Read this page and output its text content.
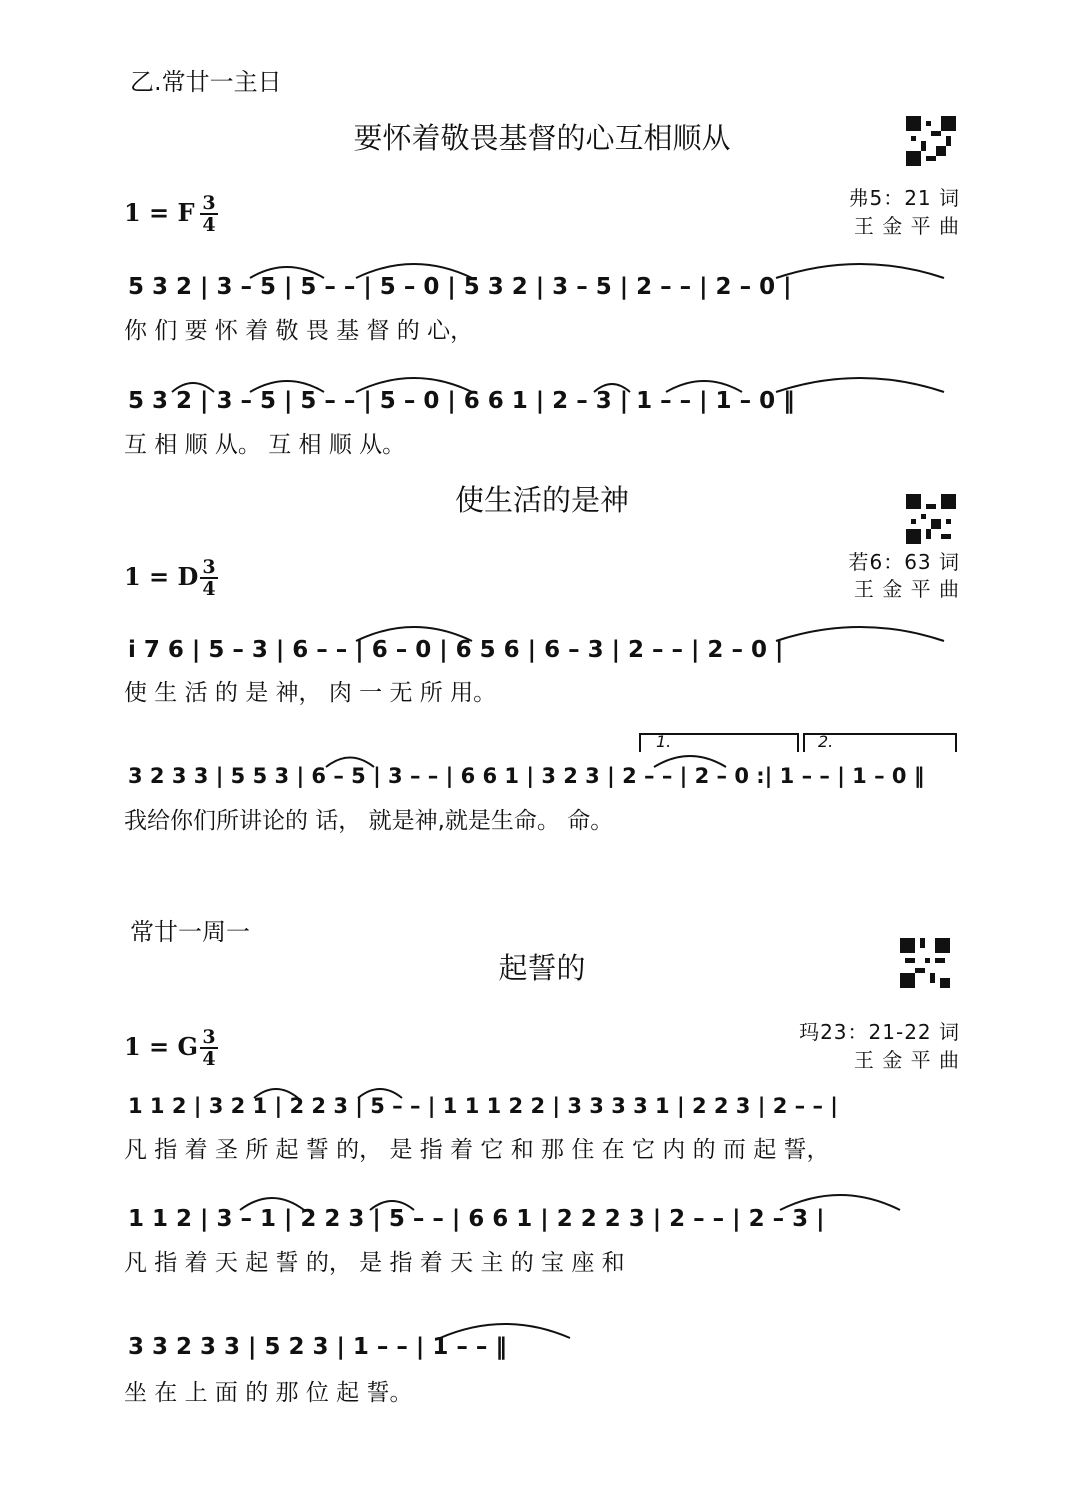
乙.常廿一主日
常廿一周一
要怀着敬畏基督的心互相顺从
弗5：21 词
王 金 平 曲
1 = F 3
4
5 3 2 | 3 – 5 | 5 – – | 5 – 0 | 5 3 2 | 3 – 5 | 2 – – | 2 – 0 |
你 们 要 怀 着 敬 畏 基 督 的 心，
5 3 2 | 3 – 5 | 5 – – | 5 – 0 | 6 6 1 | 2 – 3 | 1 – – | 1 – 0 ‖
互 相 顺 从。 互 相 顺 从。
使生活的是神
若6：63 词
王 金 平 曲
1 = D 3
4
i 7 6 | 5 – 3 | 6 – – | 6 – 0 | 6 5 6 | 6 – 3 | 2 – – | 2 – 0 |
使 生 活 的 是 神， 肉 一 无 所 用。
1.	2.
3 2 3 3 | 5 5 3 | 6 – 5 | 3 – – | 6 6 1 | 3 2 3 | 2 – – | 2 – 0 :| 1 – – | 1 – 0 ‖
我给你们所讲论的 话， 就是神,就是生命。 命。
起誓的
玛23：21-22 词
王 金 平 曲
1 = G 3
4
1 1 2 | 3 2 1 | 2 2 3 | 5 – – | 1 1 1 2 2 | 3 3 3 3 1 | 2 2 3 | 2 – – |
凡 指 着 圣 所 起 誓 的， 是 指 着 它 和 那 住 在 它 内 的 而 起 誓，
1 1 2 | 3 – 1 | 2 2 3 | 5 – – | 6 6 1 | 2 2 2 3 | 2 – – | 2 – 3 |
凡 指 着 天 起 誓 的， 是 指 着 天 主 的 宝 座 和
3 3 2 3 3 | 5 2 3 | 1 – – | 1 – – ‖
坐 在 上 面 的 那 位 起 誓。
